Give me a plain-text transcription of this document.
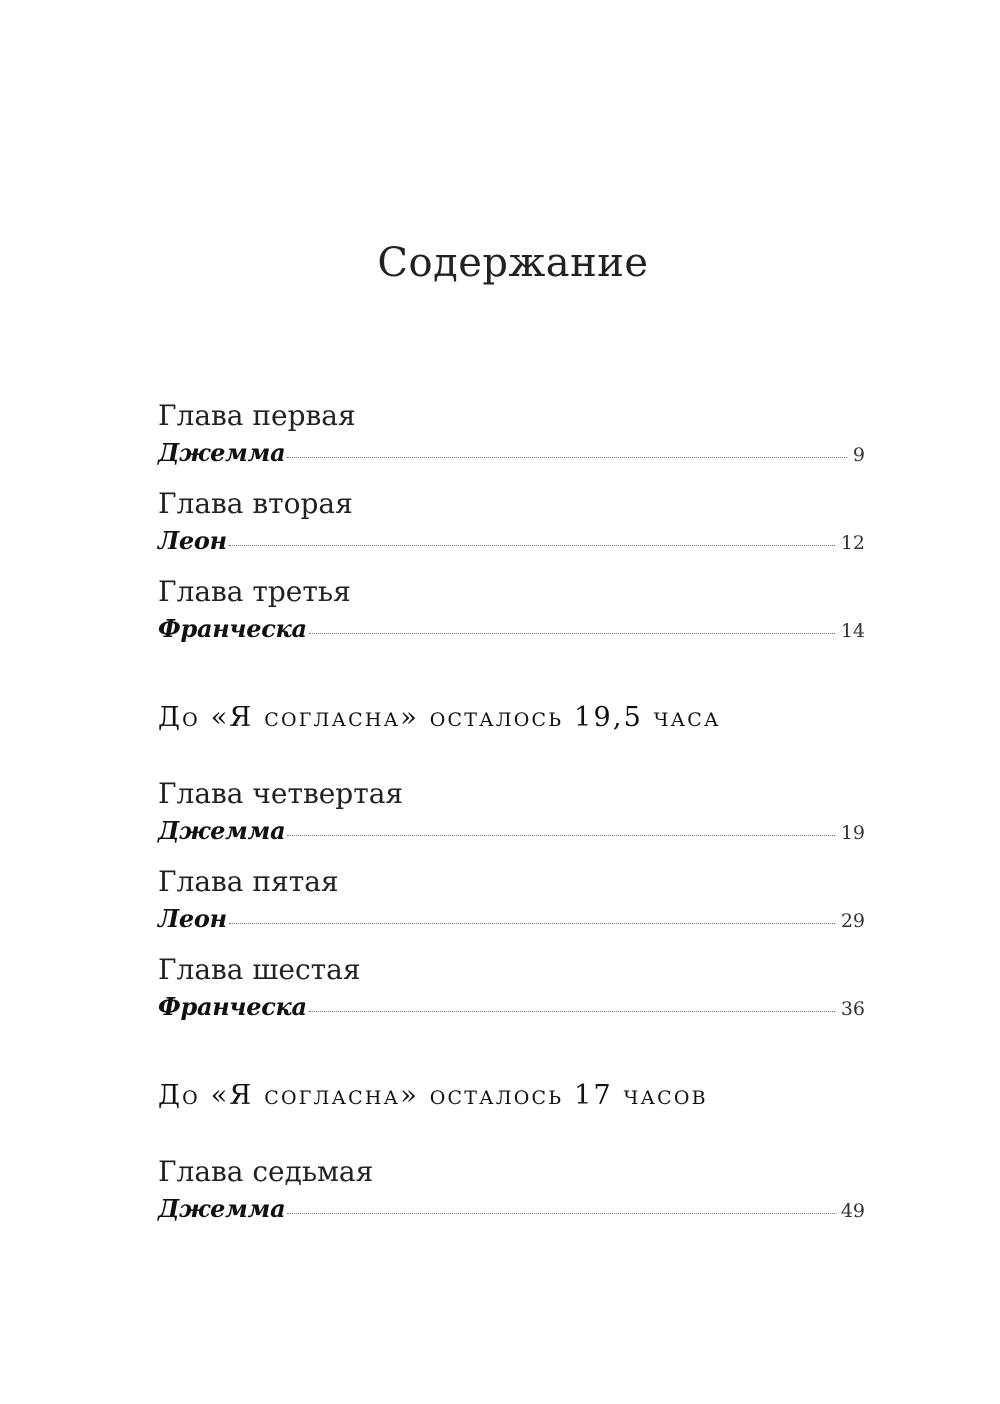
Содержание
Глава первая
Джемма	9
Глава вторая
Леон	12
Глава третья
Франческа	14
До «Я согласна» осталось 19,5 часа
Глава четвертая
Джемма	19
Глава пятая
Леон	29
Глава шестая
Франческа	36
До «Я согласна» осталось 17 часов
Глава седьмая
Джемма	49
